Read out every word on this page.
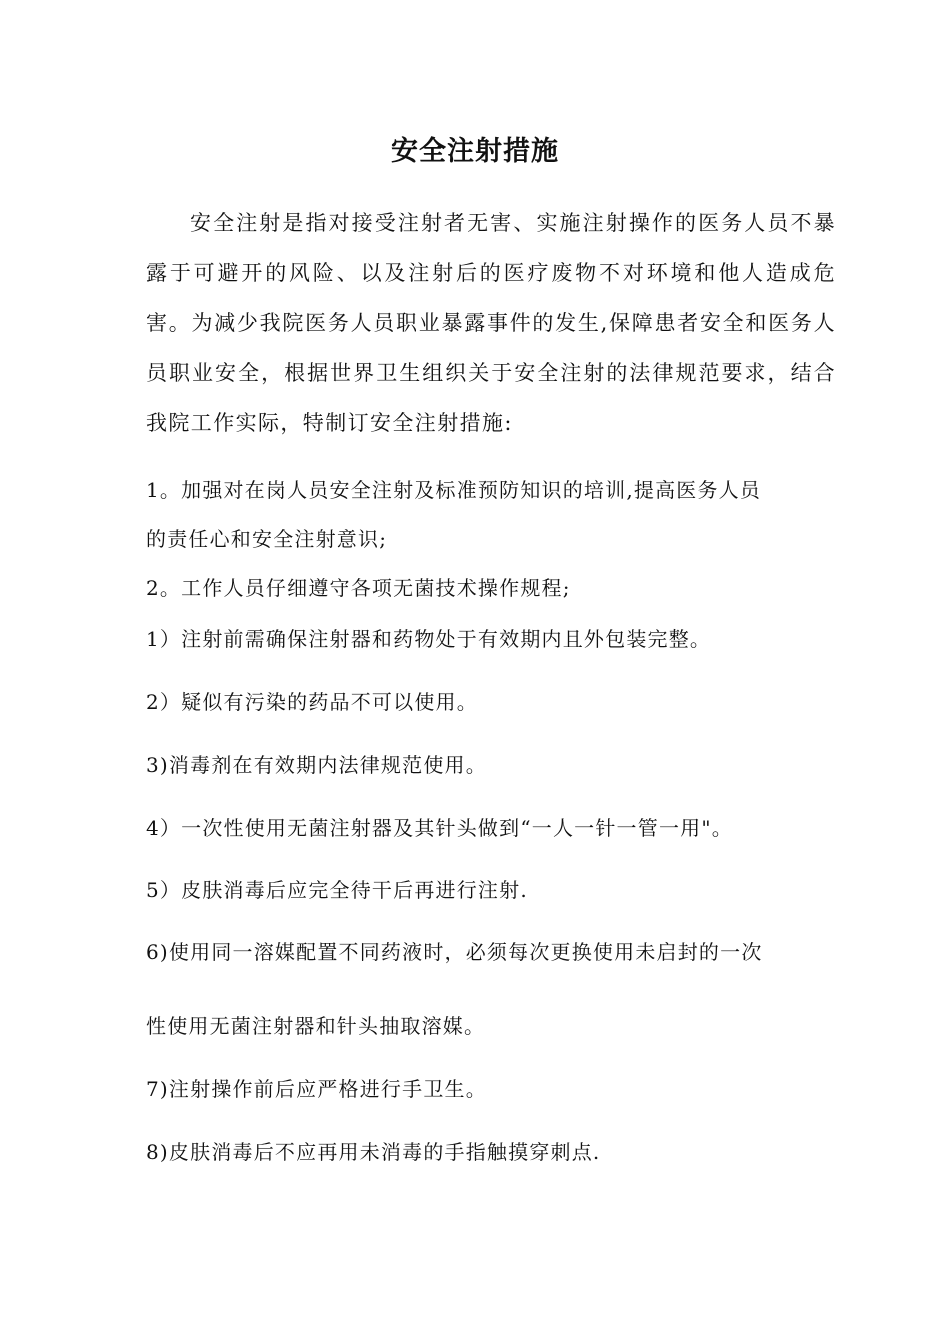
安全注射措施

安全注射是指对接受注射者无害、实施注射操作的医务人员不暴露于可避开的风险、以及注射后的医疗废物不对环境和他人造成危害。为减少我院医务人员职业暴露事件的发生,保障患者安全和医务人员职业安全，根据世界卫生组织关于安全注射的法律规范要求，结合我院工作实际，特制订安全注射措施:

1。加强对在岗人员安全注射及标准预防知识的培训,提高医务人员
的责任心和安全注射意识;
2。工作人员仔细遵守各项无菌技术操作规程;
1）注射前需确保注射器和药物处于有效期内且外包装完整。
2）疑似有污染的药品不可以使用。
3)消毒剂在有效期内法律规范使用。
4）一次性使用无菌注射器及其针头做到“一人一针一管一用"。
5）皮肤消毒后应完全待干后再进行注射.
6)使用同一溶媒配置不同药液时，必须每次更换使用未启封的一次
性使用无菌注射器和针头抽取溶媒。
7)注射操作前后应严格进行手卫生。
8)皮肤消毒后不应再用未消毒的手指触摸穿刺点.
